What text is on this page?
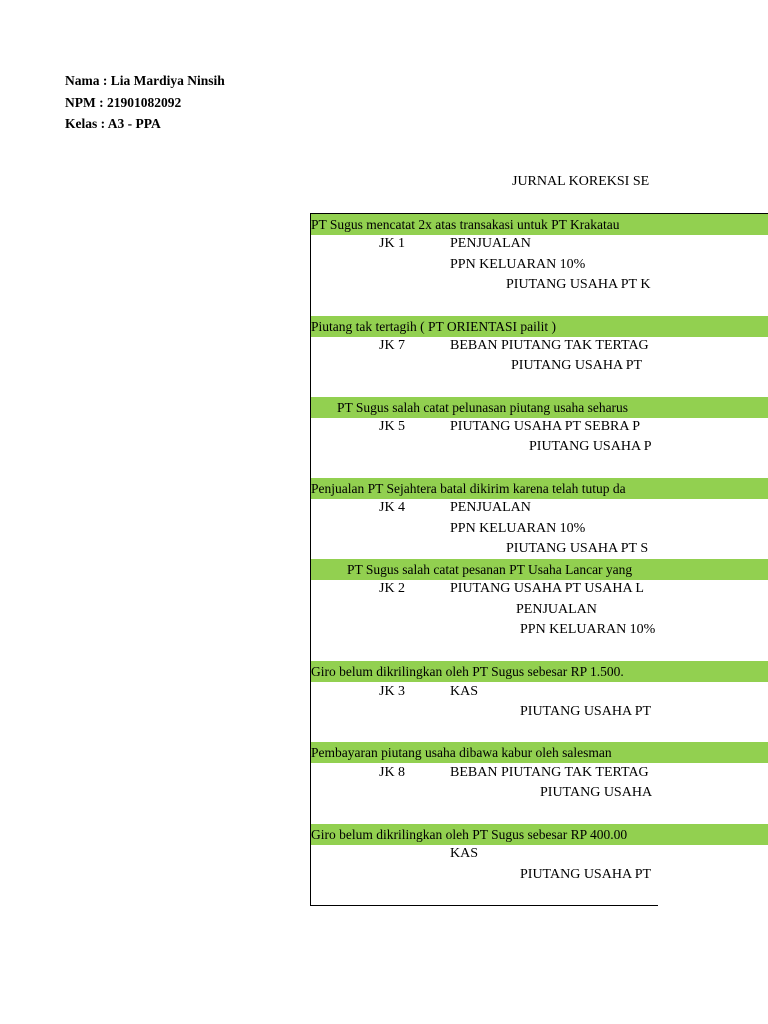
Nama : Lia Mardiya Ninsih
NPM : 21901082092
Kelas : A3 - PPA
JURNAL KOREKSI SE
PT Sugus mencatat 2x atas transakasi untuk PT Krakatau
JK 1	PENJUALAN
PPN KELUARAN 10%
PIUTANG USAHA PT K
Piutang tak tertagih ( PT ORIENTASI pailit )
JK 7	BEBAN PIUTANG TAK TERTAG
PIUTANG USAHA PT
PT Sugus salah catat pelunasan piutang usaha seharus
JK 5	PIUTANG USAHA PT SEBRA P
PIUTANG USAHA P
Penjualan PT Sejahtera batal dikirim karena telah tutup da
JK 4	PENJUALAN
PPN KELUARAN 10%
PIUTANG USAHA PT S
PT Sugus salah catat pesanan PT Usaha Lancar yang
JK 2	PIUTANG USAHA PT USAHA L
PENJUALAN
PPN KELUARAN 10%
Giro belum dikrilingkan oleh PT Sugus sebesar RP 1.500.
JK 3	KAS
PIUTANG USAHA PT
Pembayaran piutang usaha dibawa kabur oleh salesman
JK 8	BEBAN PIUTANG TAK TERTAG
PIUTANG USAHA
Giro belum dikrilingkan oleh PT Sugus sebesar RP 400.00
KAS
PIUTANG USAHA PT
